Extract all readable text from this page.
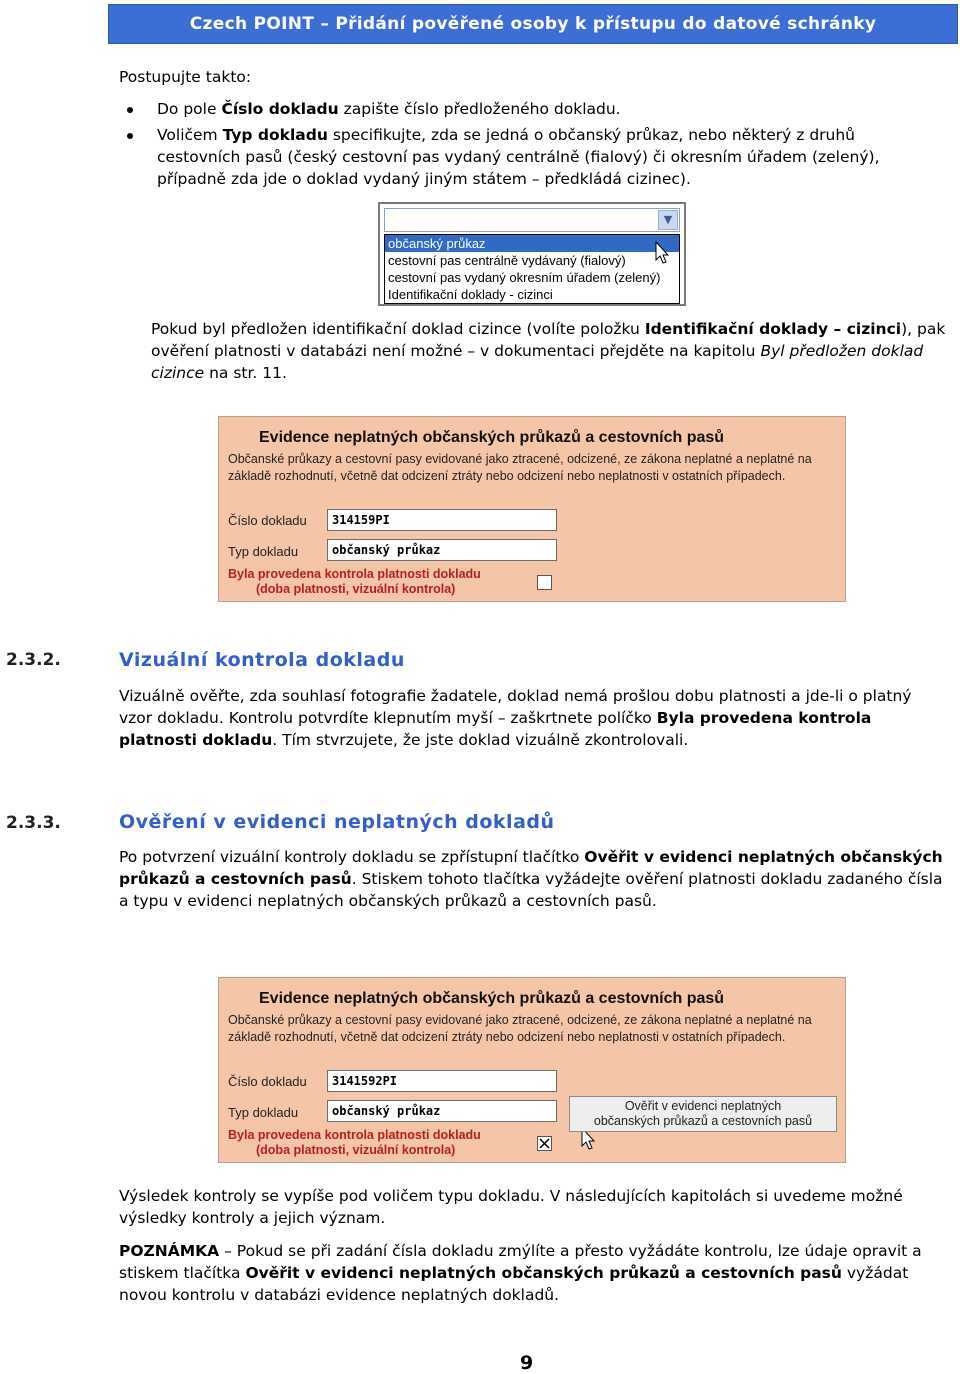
Czech POINT – Přidání pověřené osoby k přístupu do datové schránky
Postupujte takto:
Do pole Číslo dokladu zapište číslo předloženého dokladu.
Voličem Typ dokladu specifikujte, zda se jedná o občanský průkaz, nebo některý z druhů cestovních pasů (český cestovní pas vydaný centrálně (fialový) či okresním úřadem (zelený), případně zda jde o doklad vydaný jiným státem – předkládá cizinec).
▼
občanský průkaz
cestovní pas centrálně vydávaný (fialový)
cestovní pas vydaný okresním úřadem (zelený)
Identifikační doklady - cizinci
Pokud byl předložen identifikační doklad cizince (volíte položku Identifikační doklady – cizinci), pak ověření platnosti v databázi není možné – v dokumentaci přejděte na kapitolu Byl předložen doklad cizince na str. 11.
Evidence neplatných občanských průkazů a cestovních pasů
Občanské průkazy a cestovní pasy evidované jako ztracené, odcizené, ze zákona neplatné a neplatné na základě rozhodnutí, včetně dat odcizení ztráty nebo odcizení nebo neplatnosti v ostatních případech.
Číslo dokladu	314159PI
Typ dokladu	občanský průkaz
Byla provedena kontrola platnosti dokladu
(doba platnosti, vizuální kontrola)
2.3.2.	Vizuální kontrola dokladu
Vizuálně ověřte, zda souhlasí fotografie žadatele, doklad nemá prošlou dobu platnosti a jde-li o platný vzor dokladu. Kontrolu potvrdíte klepnutím myší – zaškrtnete políčko Byla provedena kontrola platnosti dokladu. Tím stvrzujete, že jste doklad vizuálně zkontrolovali.
2.3.3.	Ověření v evidenci neplatných dokladů
Po potvrzení vizuální kontroly dokladu se zpřístupní tlačítko Ověřit v evidenci neplatných občanských průkazů a cestovních pasů. Stiskem tohoto tlačítka vyžádejte ověření platnosti dokladu zadaného čísla a typu v evidenci neplatných občanských průkazů a cestovních pasů.
Evidence neplatných občanských průkazů a cestovních pasů
Občanské průkazy a cestovní pasy evidované jako ztracené, odcizené, ze zákona neplatné a neplatné na základě rozhodnutí, včetně dat odcizení ztráty nebo odcizení nebo neplatnosti v ostatních případech.
Číslo dokladu	3141592PI
Typ dokladu	občanský průkaz
Byla provedena kontrola platnosti dokladu
(doba platnosti, vizuální kontrola)
Ověřit v evidenci neplatných
občanských průkazů a cestovních pasů
Výsledek kontroly se vypíše pod voličem typu dokladu. V následujících kapitolách si uvedeme možné výsledky kontroly a jejich význam.
POZNÁMKA – Pokud se při zadání čísla dokladu zmýlíte a přesto vyžádáte kontrolu, lze údaje opravit a stiskem tlačítka Ověřit v evidenci neplatných občanských průkazů a cestovních pasů vyžádat novou kontrolu v databázi evidence neplatných dokladů.
9
